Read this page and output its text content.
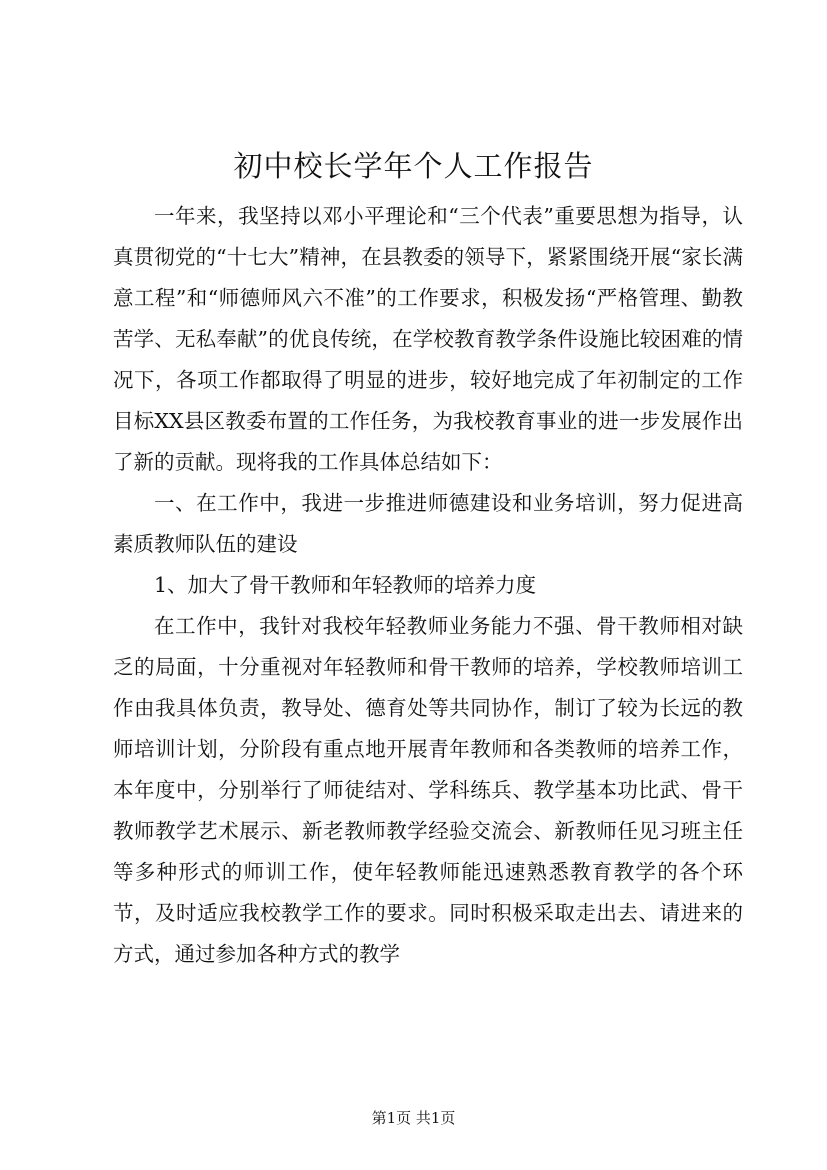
初中校长学年个人工作报告

一年来，我坚持以邓小平理论和“三个代表”重要思想为指导，认真贯彻党的“十七大”精神，在县教委的领导下，紧紧围绕开展“家长满意工程”和“师德师风六不准”的工作要求，积极发扬“严格管理、勤教苦学、无私奉献”的优良传统，在学校教育教学条件设施比较困难的情况下，各项工作都取得了明显的进步，较好地完成了年初制定的工作目标XX县区教委布置的工作任务，为我校教育事业的进一步发展作出了新的贡献。现将我的工作具体总结如下：

一、在工作中，我进一步推进师德建设和业务培训，努力促进高素质教师队伍的建设

1、加大了骨干教师和年轻教师的培养力度

在工作中，我针对我校年轻教师业务能力不强、骨干教师相对缺乏的局面，十分重视对年轻教师和骨干教师的培养，学校教师培训工作由我具体负责，教导处、德育处等共同协作，制订了较为长远的教师培训计划，分阶段有重点地开展青年教师和各类教师的培养工作，本年度中，分别举行了师徒结对、学科练兵、教学基本功比武、骨干教师教学艺术展示、新老教师教学经验交流会、新教师任见习班主任等多种形式的师训工作，使年轻教师能迅速熟悉教育教学的各个环节，及时适应我校教学工作的要求。同时积极采取走出去、请进来的方式，通过参加各种方式的教学

第1页 共1页
